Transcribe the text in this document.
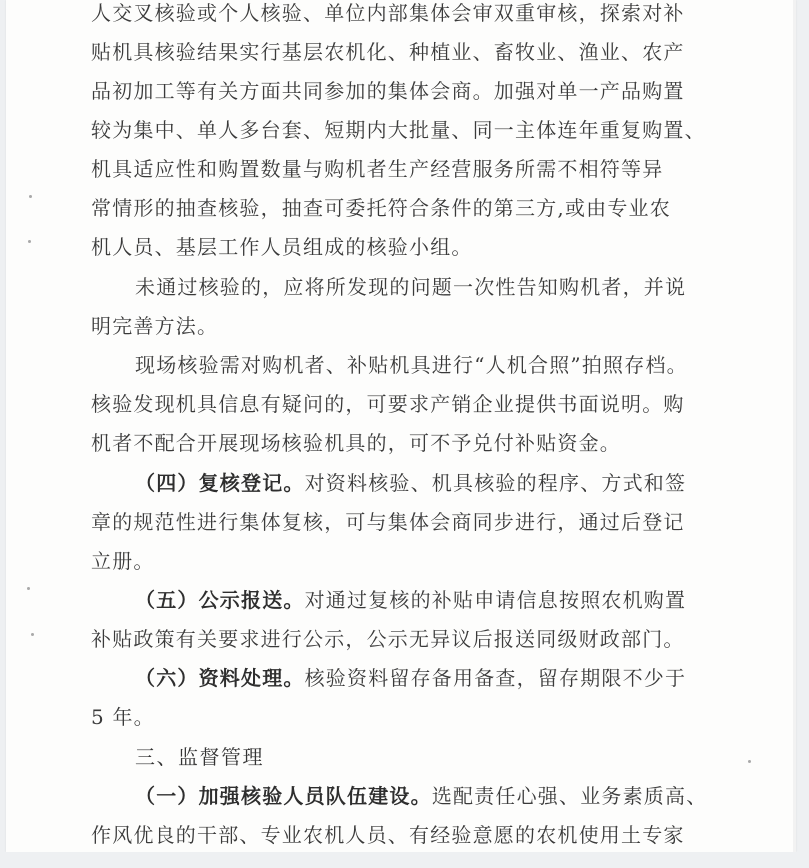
人交叉核验或个人核验、单位内部集体会审双重审核，探索对补
贴机具核验结果实行基层农机化、种植业、畜牧业、渔业、农产
品初加工等有关方面共同参加的集体会商。加强对单一产品购置
较为集中、单人多台套、短期内大批量、同一主体连年重复购置、
机具适应性和购置数量与购机者生产经营服务所需不相符等异
常情形的抽查核验，抽查可委托符合条件的第三方,或由专业农
机人员、基层工作人员组成的核验小组。
未通过核验的，应将所发现的问题一次性告知购机者，并说
明完善方法。
现场核验需对购机者、补贴机具进行“人机合照”拍照存档。
核验发现机具信息有疑问的，可要求产销企业提供书面说明。购
机者不配合开展现场核验机具的，可不予兑付补贴资金。
（四）复核登记。对资料核验、机具核验的程序、方式和签
章的规范性进行集体复核，可与集体会商同步进行，通过后登记
立册。
（五）公示报送。对通过复核的补贴申请信息按照农机购置
补贴政策有关要求进行公示，公示无异议后报送同级财政部门。
（六）资料处理。核验资料留存备用备查，留存期限不少于
5 年。
三、监督管理
（一）加强核验人员队伍建设。选配责任心强、业务素质高、
作风优良的干部、专业农机人员、有经验意愿的农机使用土专家
